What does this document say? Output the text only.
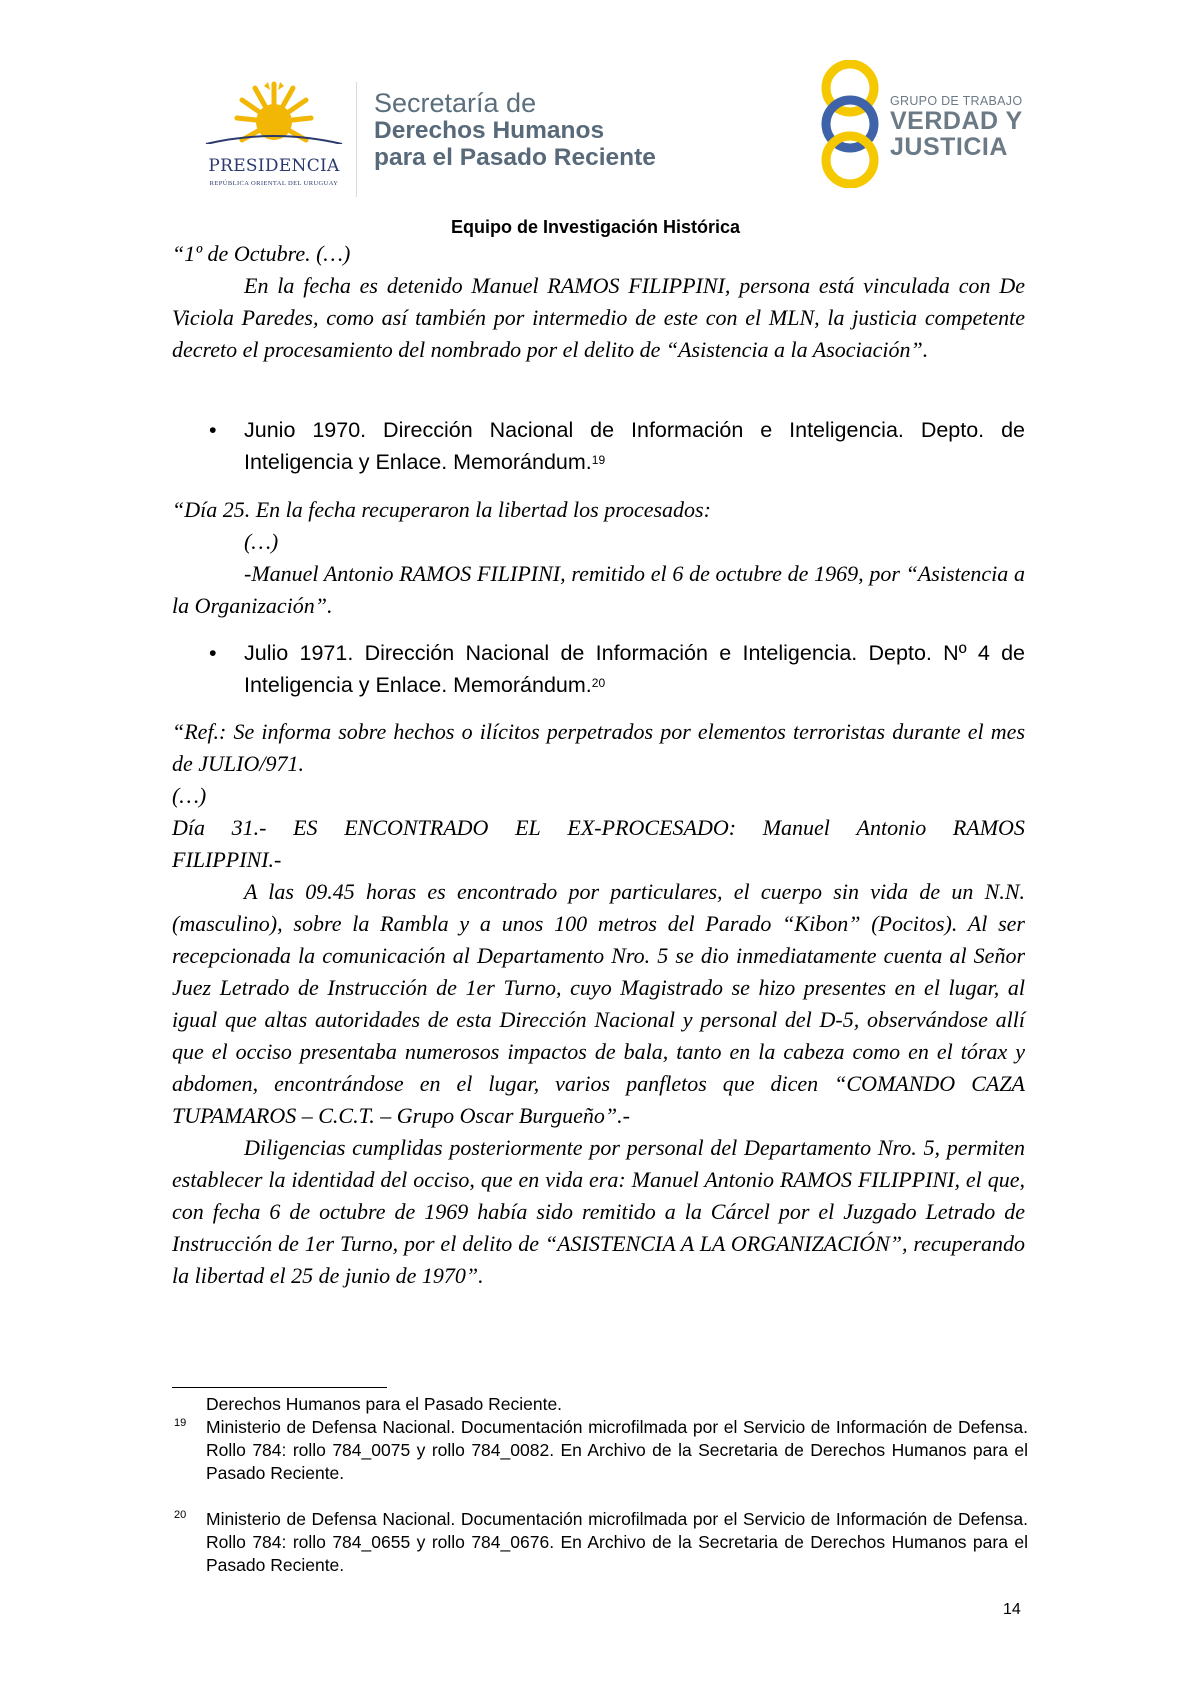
PRESIDENCIA
REPÚBLICA ORIENTAL DEL URUGUAY
Secretaría de
Derechos Humanos
para el Pasado Reciente
GRUPO DE TRABAJO
VERDAD Y
JUSTICIA
Equipo de Investigación Histórica

“1º de Octubre. (…)

En la fecha es detenido Manuel RAMOS FILIPPINI, persona está vinculada con De Viciola Paredes, como así también por intermedio de este con el MLN, la justicia competente decreto el procesamiento del nombrado por el delito de “Asistencia a la Asociación”.

• Junio 1970. Dirección Nacional de Información e Inteligencia. Depto. de Inteligencia y Enlace. Memorándum.$^{19}$

“Día 25. En la fecha recuperaron la libertad los procesados:

(…)

-Manuel Antonio RAMOS FILIPINI, remitido el 6 de octubre de 1969, por “Asistencia a la Organización”.

• Julio 1971. Dirección Nacional de Información e Inteligencia. Depto. Nº 4 de Inteligencia y Enlace. Memorándum.$^{20}$

“Ref.: Se informa sobre hechos o ilícitos perpetrados por elementos terroristas durante el mes de JULIO/971.

(…)

Día 31.- ES ENCONTRADO EL EX-PROCESADO: Manuel Antonio RAMOS

FILIPPINI.-

A las 09.45 horas es encontrado por particulares, el cuerpo sin vida de un N.N. (masculino), sobre la Rambla y a unos 100 metros del Parado “Kibon” (Pocitos). Al ser recepcionada la comunicación al Departamento Nro. 5 se dio inmediatamente cuenta al Señor Juez Letrado de Instrucción de 1er Turno, cuyo Magistrado se hizo presentes en el lugar, al igual que altas autoridades de esta Dirección Nacional y personal del D-5, observándose allí que el occiso presentaba numerosos impactos de bala, tanto en la cabeza como en el tórax y abdomen, encontrándose en el lugar, varios panfletos que dicen “COMANDO CAZA TUPAMAROS – C.C.T. – Grupo Oscar Burgueño”.-

Diligencias cumplidas posteriormente por personal del Departamento Nro. 5, permiten establecer la identidad del occiso, que en vida era: Manuel Antonio RAMOS FILIPPINI, el que, con fecha 6 de octubre de 1969 había sido remitido a la Cárcel por el Juzgado Letrado de Instrucción de 1er Turno, por el delito de “ASISTENCIA A LA ORGANIZACIÓN”, recuperando la libertad el 25 de junio de 1970”.

Derechos Humanos para el Pasado Reciente.
19 Ministerio de Defensa Nacional. Documentación microfilmada por el Servicio de Información de Defensa. Rollo 784: rollo 784_0075 y rollo 784_0082. En Archivo de la Secretaria de Derechos Humanos para el Pasado Reciente.
20 Ministerio de Defensa Nacional. Documentación microfilmada por el Servicio de Información de Defensa. Rollo 784: rollo 784_0655 y rollo 784_0676. En Archivo de la Secretaria de Derechos Humanos para el Pasado Reciente.
14
